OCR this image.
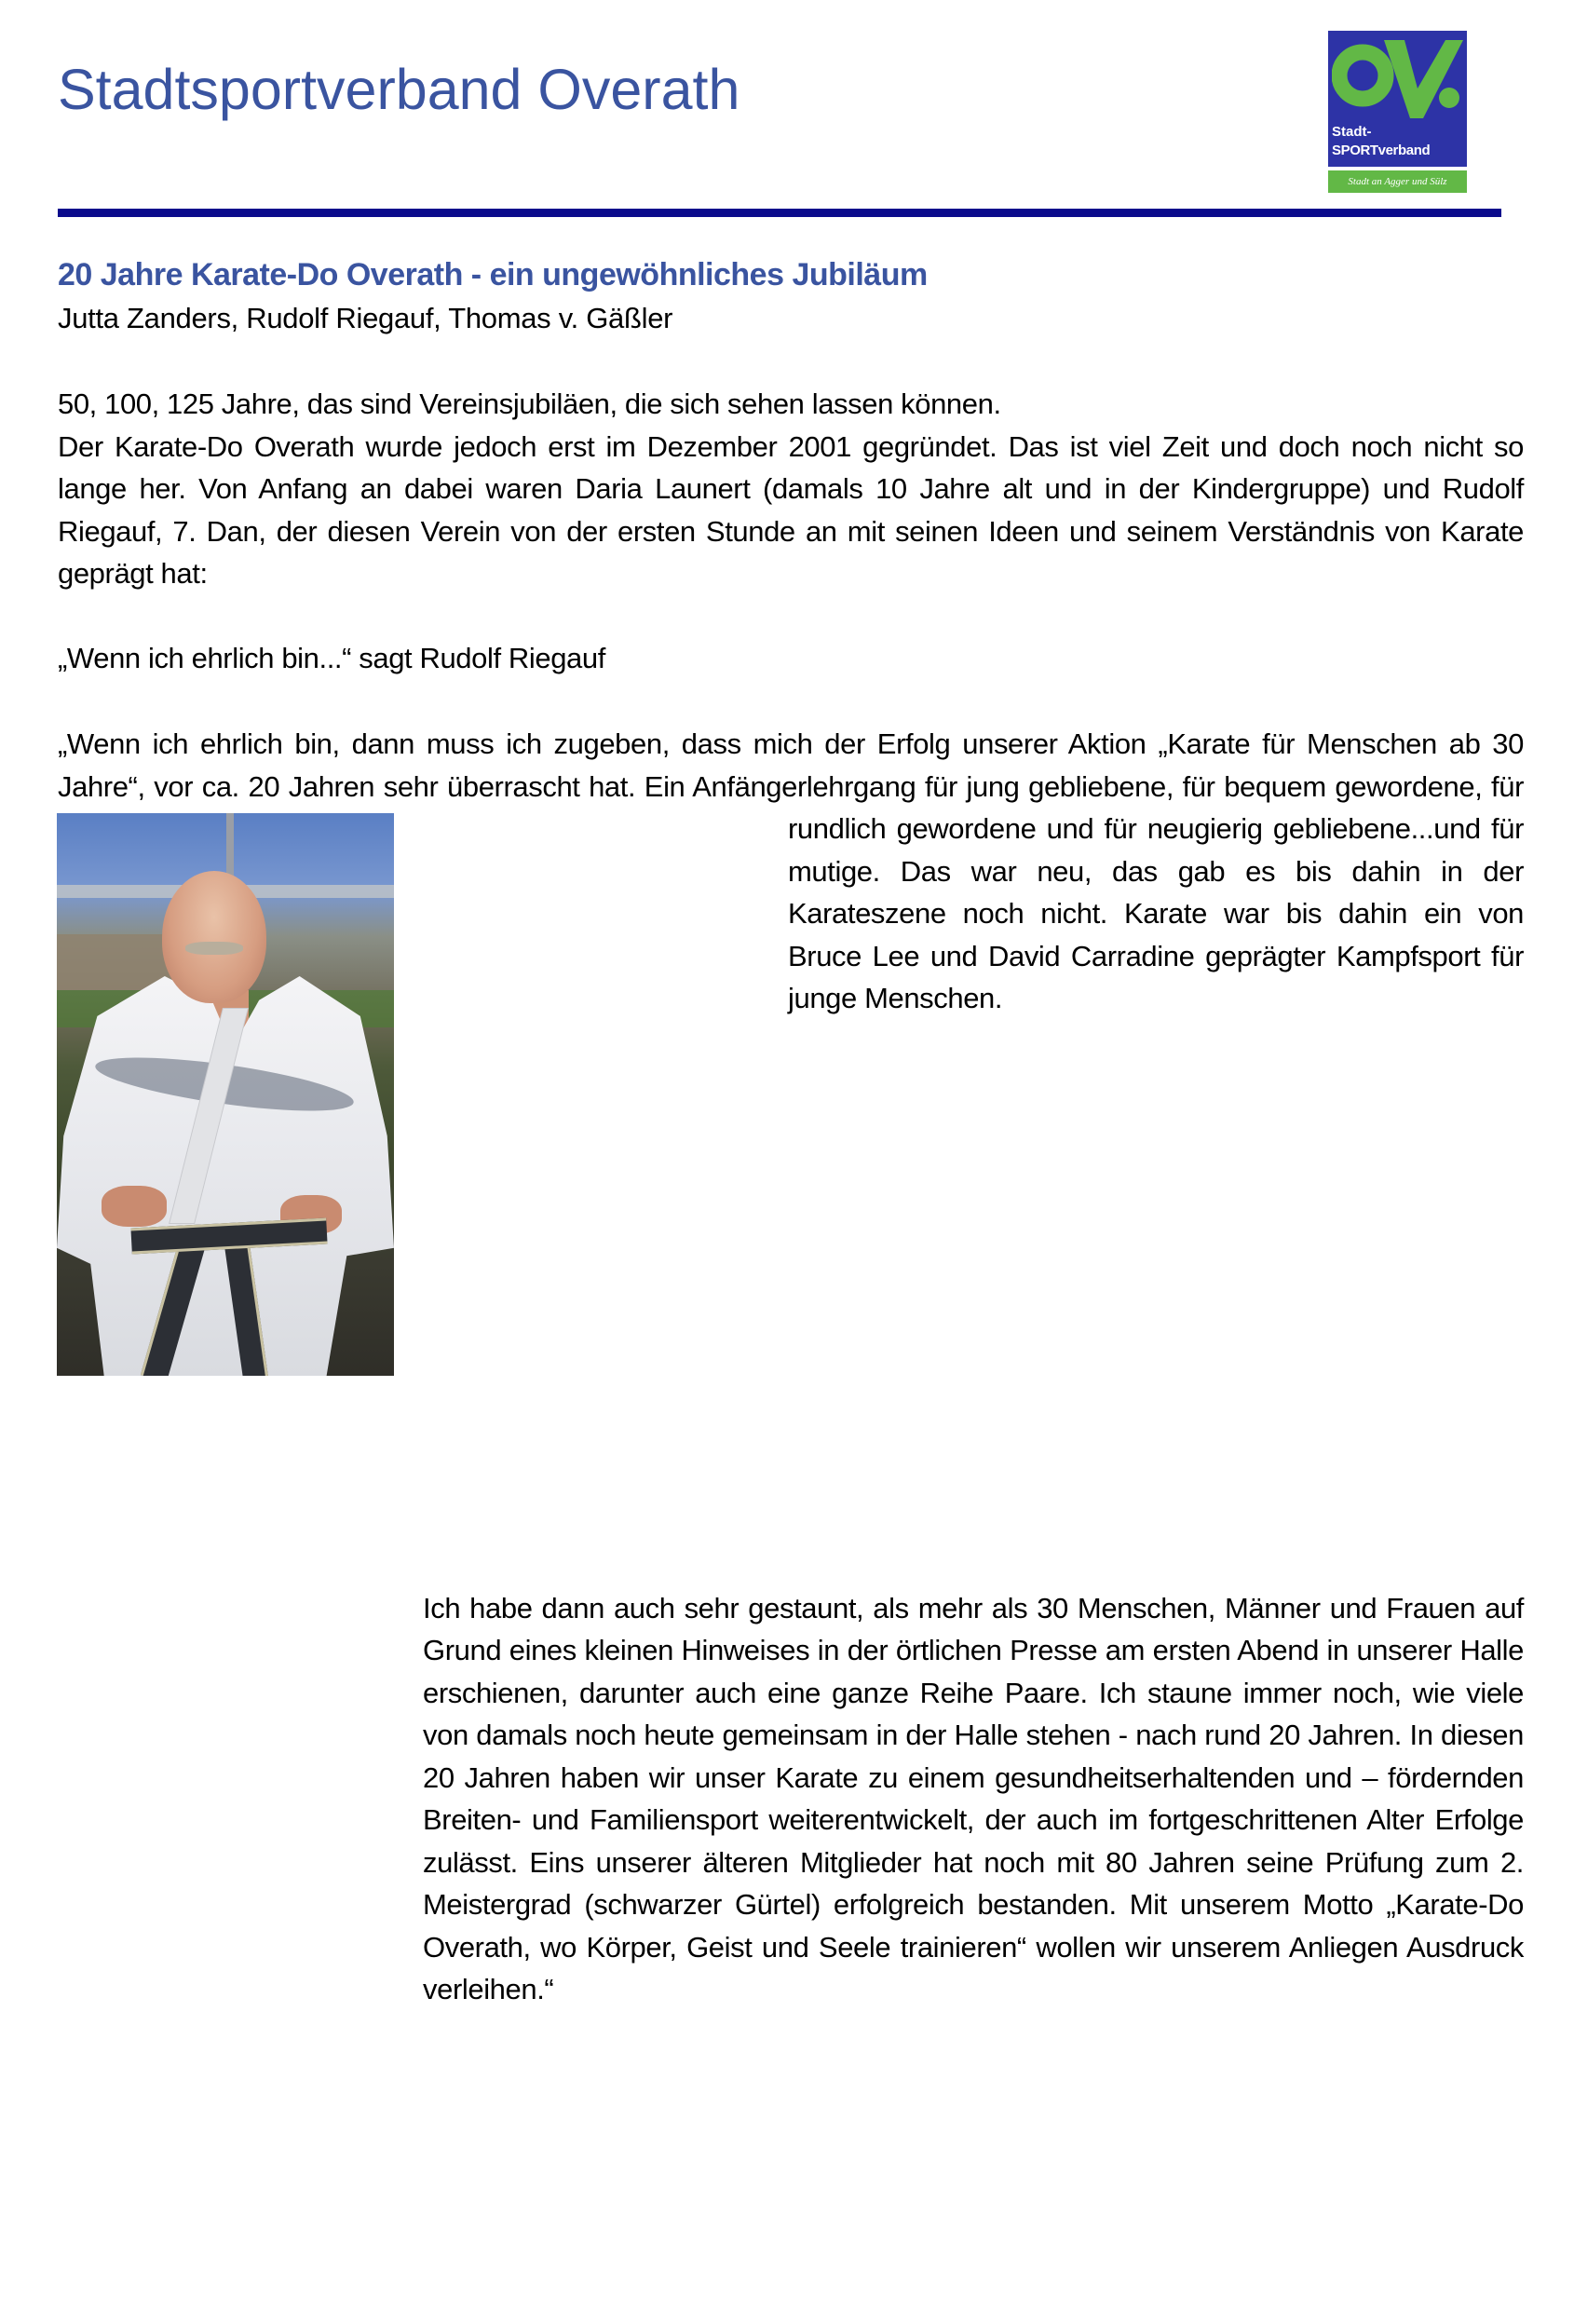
Stadtsportverband Overath
Stadt-
SPORTverband
Stadt an Agger und Sülz
20 Jahre Karate-Do Overath - ein ungewöhnliches Jubiläum

Jutta Zanders, Rudolf Riegauf, Thomas v. Gäßler

50, 100, 125 Jahre, das sind Vereinsjubiläen, die sich sehen lassen können.

Der Karate-Do Overath wurde jedoch erst im Dezember 2001 gegründet. Das ist viel Zeit und doch noch nicht so lange her. Von Anfang an dabei waren Daria Launert (damals 10 Jahre alt und in der Kindergruppe) und Rudolf Riegauf, 7. Dan, der diesen Verein von der ersten Stunde an mit seinen Ideen und seinem Verständnis von Karate geprägt hat:

„Wenn ich ehrlich bin...“ sagt Rudolf Riegauf

„Wenn ich ehrlich bin, dann muss ich zugeben, dass mich der Erfolg unserer Aktion „Karate für Menschen ab 30 Jahre“, vor ca. 20 Jahren sehr überrascht hat. Ein Anfängerlehrgang für jung gebliebene, für bequem gewordene, für rundlich gewordene und für neugierig gebliebene...und für mutige. Das war neu, das gab es bis dahin in der Karateszene noch nicht. Karate war bis dahin ein von Bruce Lee und David Carradine geprägter Kampfsport für junge Menschen.

Ich habe dann auch sehr gestaunt, als mehr als 30 Menschen, Männer und Frauen auf Grund eines kleinen Hinweises in der örtlichen Presse am ersten Abend in unserer Halle erschienen, darunter auch eine ganze Reihe Paare. Ich staune immer noch, wie viele von damals noch heute gemeinsam in der Halle stehen - nach rund 20 Jahren. In diesen 20 Jahren haben wir unser Karate zu einem gesundheitserhaltenden und – fördernden Breiten- und Familiensport weiterentwickelt, der auch im fortgeschrittenen Alter Erfolge zulässt. Eins unserer älteren Mitglieder hat noch mit 80 Jahren seine Prüfung zum 2. Meistergrad (schwarzer Gürtel) erfolgreich bestanden. Mit unserem Motto „Karate-Do Overath, wo Körper, Geist und Seele trainieren“ wollen wir unserem Anliegen Ausdruck verleihen.“
